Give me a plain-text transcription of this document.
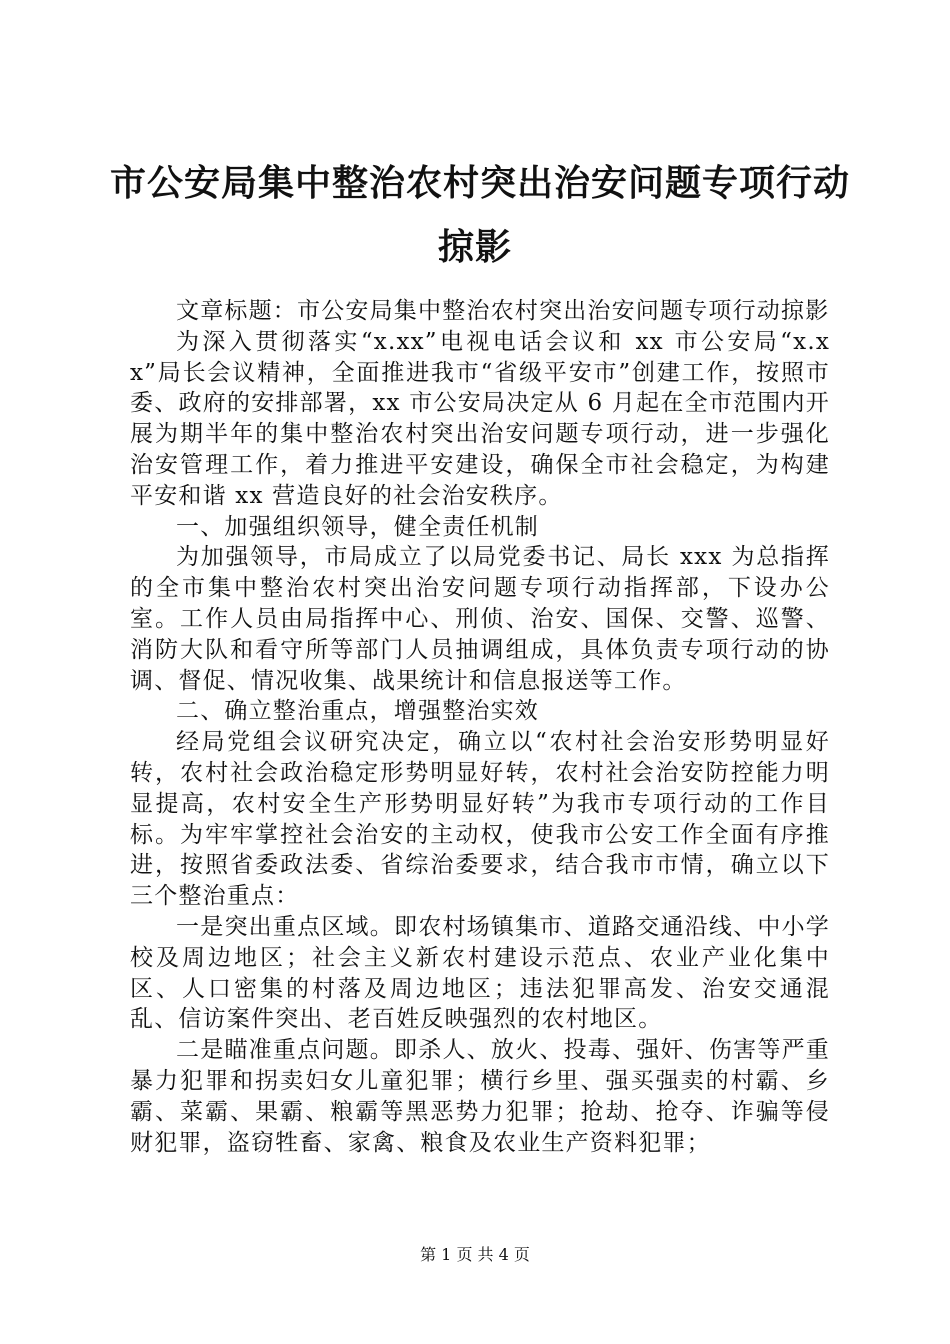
市公安局集中整治农村突出治安问题专项行动
掠影

文章标题：市公安局集中整治农村突出治安问题专项行动掠影

为深入贯彻落实“x.xx”电视电话会议和 xx 市公安局“x.xx”局长会议精神，全面推进我市“省级平安市”创建工作，按照市委、政府的安排部署，xx 市公安局决定从 6 月起在全市范围内开展为期半年的集中整治农村突出治安问题专项行动，进一步强化治安管理工作，着力推进平安建设，确保全市社会稳定，为构建平安和谐 xx 营造良好的社会治安秩序。

一、加强组织领导，健全责任机制

为加强领导，市局成立了以局党委书记、局长 xxx 为总指挥的全市集中整治农村突出治安问题专项行动指挥部，下设办公室。工作人员由局指挥中心、刑侦、治安、国保、交警、巡警、消防大队和看守所等部门人员抽调组成，具体负责专项行动的协调、督促、情况收集、战果统计和信息报送等工作。

二、确立整治重点，增强整治实效

经局党组会议研究决定，确立以“农村社会治安形势明显好转，农村社会政治稳定形势明显好转，农村社会治安防控能力明显提高，农村安全生产形势明显好转”为我市专项行动的工作目标。为牢牢掌控社会治安的主动权，使我市公安工作全面有序推进，按照省委政法委、省综治委要求，结合我市市情，确立以下三个整治重点：

一是突出重点区域。即农村场镇集市、道路交通沿线、中小学校及周边地区；社会主义新农村建设示范点、农业产业化集中区、人口密集的村落及周边地区；违法犯罪高发、治安交通混乱、信访案件突出、老百姓反映强烈的农村地区。

二是瞄准重点问题。即杀人、放火、投毒、强奸、伤害等严重暴力犯罪和拐卖妇女儿童犯罪；横行乡里、强买强卖的村霸、乡霸、菜霸、果霸、粮霸等黑恶势力犯罪；抢劫、抢夺、诈骗等侵财犯罪，盗窃牲畜、家禽、粮食及农业生产资料犯罪；

第 1 页 共 4 页
